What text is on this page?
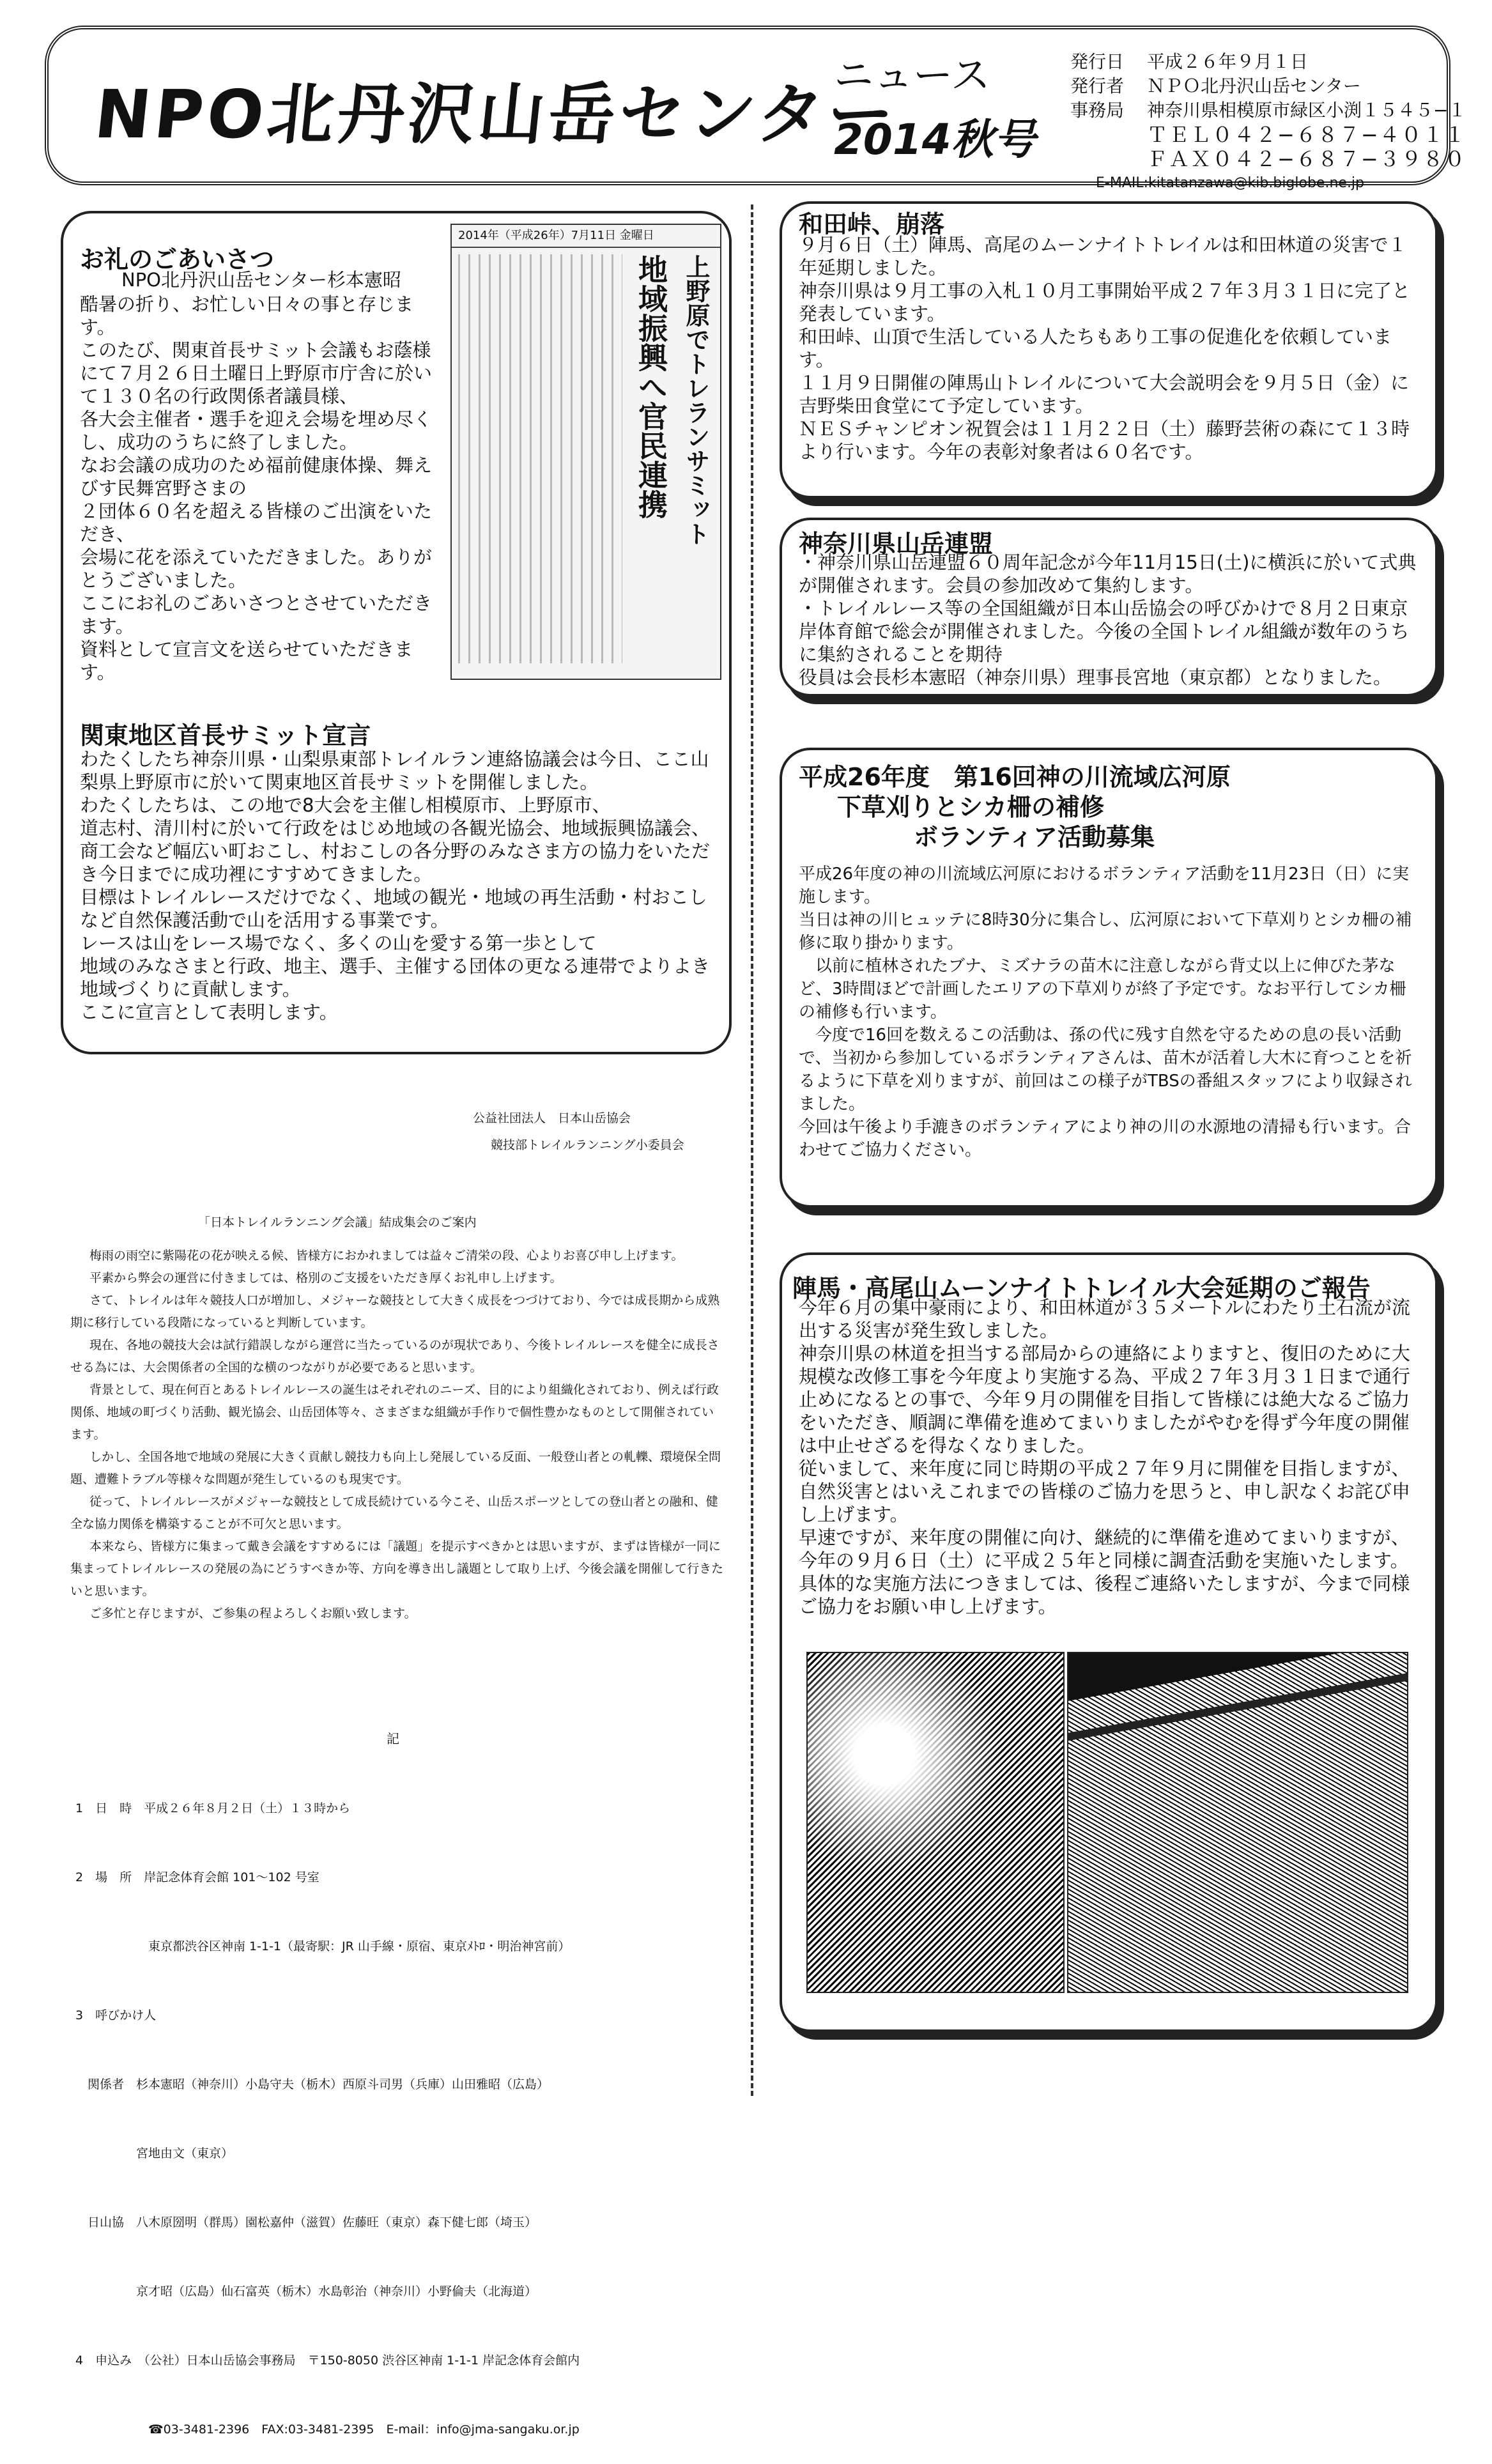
NPO北丹沢山岳センター
ニュース
2014秋号
発行日	平成２６年９月１日
発行者	ＮＰＯ北丹沢山岳センター
事務局	神奈川県相模原市緑区小渕１５４５−１
ＴＥＬ０４２−６８７−４０１１
ＦＡＸ０４２−６８７−３９８０
E-MAIL:kitatanzawa@kib.biglobe.ne.jp
お礼のごあいさつ
NPO北丹沢山岳センター杉本憲昭
酷暑の折り、お忙しい日々の事と存じます。
このたび、関東首長サミット会議もお蔭様にて７月２６日土曜日上野原市庁舎に於いて１３０名の行政関係者議員様、
各大会主催者・選手を迎え会場を埋め尽くし、成功のうちに終了しました。
なお会議の成功のため福前健康体操、舞えびす民舞宮野さまの
２団体６０名を超える皆様のご出演をいただき、
会場に花を添えていただきました。ありがとうございました。
ここにお礼のごあいさつとさせていただきます。
資料として宣言文を送らせていただきます。
2014年（平成26年）7月11日 金曜日
上野原でトレランサミット
地域振興へ官民連携
関東地区首長サミット宣言
わたくしたち神奈川県・山梨県東部トレイルラン連絡協議会は今日、ここ山梨県上野原市に於いて関東地区首長サミットを開催しました。
わたくしたちは、この地で8大会を主催し相模原市、上野原市、
道志村、清川村に於いて行政をはじめ地域の各観光協会、地域振興協議会、商工会など幅広い町おこし、村おこしの各分野のみなさま方の協力をいただき今日までに成功裡にすすめてきました。
目標はトレイルレースだけでなく、地域の観光・地域の再生活動・村おこしなど自然保護活動で山を活用する事業です。
レースは山をレース場でなく、多くの山を愛する第一歩として
地域のみなさまと行政、地主、選手、主催する団体の更なる連帯でよりよき地域づくりに貢献します。
ここに宣言として表明します。
公益社団法人　日本山岳協会
競技部トレイルランニング小委員会
「日本トレイルランニング会議」結成集会のご案内
梅雨の雨空に紫陽花の花が映える候、皆様方におかれましては益々ご清栄の段、心よりお喜び申し上げます。
平素から弊会の運営に付きましては、格別のご支援をいただき厚くお礼申し上げます。
さて、トレイルは年々競技人口が増加し、メジャーな競技として大きく成長をつづけており、今では成長期から成熟期に移行している段階になっていると判断しています。
現在、各地の競技大会は試行錯誤しながら運営に当たっているのが現状であり、今後トレイルレースを健全に成長させる為には、大会関係者の全国的な横のつながりが必要であると思います。
背景として、現在何百とあるトレイルレースの誕生はそれぞれのニーズ、目的により組織化されており、例えば行政関係、地域の町づくり活動、観光協会、山岳団体等々、さまざまな組織が手作りで個性豊かなものとして開催されています。
しかし、全国各地で地域の発展に大きく貢献し競技力も向上し発展している反面、一般登山者との軋轢、環境保全問題、遭難トラブル等様々な問題が発生しているのも現実です。
従って、トレイルレースがメジャーな競技として成長続けている今こそ、山岳スポーツとしての登山者との融和、健全な協力関係を構築することが不可欠と思います。
本来なら、皆様方に集まって戴き会議をすすめるには「議題」を提示すべきかとは思いますが、まずは皆様が一同に集まってトレイルレースの発展の為にどうすべきか等、方向を導き出し議題として取り上げ、今後会議を開催して行きたいと思います。
ご多忙と存じますが、ご参集の程よろしくお願い致します。
記

1　日　時　平成２６年８月２日（土）１３時から

2　場　所　岸記念体育会館 101〜102 号室

　　　　　　東京都渋谷区神南 1-1-1（最寄駅：JR 山手線・原宿、東京ﾒﾄﾛ・明治神宮前）

3　呼びかけ人

　関係者　杉本憲昭（神奈川）小島守夫（栃木）西原斗司男（兵庫）山田雅昭（広島）

　　　　　宮地由文（東京）

　日山協　八木原圀明（群馬）園松嘉仲（滋賀）佐藤旺（東京）森下健七郎（埼玉）

　　　　　京才昭（広島）仙石富英（栃木）水島彰治（神奈川）小野倫夫（北海道）

4　申込み　（公社）日本山岳協会事務局　〒150-8050 渋谷区神南 1-1-1 岸記念体育会館内

　　　　　　☎03-3481-2396　FAX:03-3481-2395　E-mail：info@jma-sangaku.or.jp

和田峠、崩落
９月６日（土）陣馬、高尾のムーンナイトトレイルは和田林道の災害で１年延期しました。
神奈川県は９月工事の入札１０月工事開始平成２７年３月３１日に完了と発表しています。
和田峠、山頂で生活している人たちもあり工事の促進化を依頼しています。
１１月９日開催の陣馬山トレイルについて大会説明会を９月５日（金）に吉野柴田食堂にて予定しています。
ＮＥＳチャンピオン祝賀会は１１月２２日（土）藤野芸術の森にて１３時より行います。今年の表彰対象者は６０名です。
神奈川県山岳連盟
・神奈川県山岳連盟６０周年記念が今年11月15日(土)に横浜に於いて式典が開催されます。会員の参加改めて集約します。
・トレイルレース等の全国組織が日本山岳協会の呼びかけで８月２日東京岸体育館で総会が開催されました。今後の全国トレイル組織が数年のうちに集約されることを期待
役員は会長杉本憲昭（神奈川県）理事長宮地（東京都）となりました。
平成26年度　第16回神の川流域広河原
下草刈りとシカ柵の補修
ボランティア活動募集
平成26年度の神の川流域広河原におけるボランティア活動を11月23日（日）に実施します。
当日は神の川ヒュッテに8時30分に集合し、広河原において下草刈りとシカ柵の補修に取り掛かります。
　以前に植林されたブナ、ミズナラの苗木に注意しながら背丈以上に伸びた茅など、3時間ほどで計画したエリアの下草刈りが終了予定です。なお平行してシカ柵の補修も行います。
　今度で16回を数えるこの活動は、孫の代に残す自然を守るための息の長い活動で、当初から参加しているボランティアさんは、苗木が活着し大木に育つことを祈るように下草を刈りますが、前回はこの様子がTBSの番組スタッフにより収録されました。
今回は午後より手漉きのボランティアにより神の川の水源地の清掃も行います。合わせてご協力ください。
陣馬・高尾山ムーンナイトトレイル大会延期のご報告
今年６月の集中豪雨により、和田林道が３５メートルにわたり土石流が流出する災害が発生致しました。
神奈川県の林道を担当する部局からの連絡によりますと、復旧のために大規模な改修工事を今年度より実施する為、平成２７年３月３１日まで通行止めになるとの事で、今年９月の開催を目指して皆様には絶大なるご協力をいただき、順調に準備を進めてまいりましたがやむを得ず今年度の開催は中止せざるを得なくなりました。
従いまして、来年度に同じ時期の平成２７年９月に開催を目指しますが、自然災害とはいえこれまでの皆様のご協力を思うと、申し訳なくお詫び申し上げます。
早速ですが、来年度の開催に向け、継続的に準備を進めてまいりますが、今年の９月６日（土）に平成２５年と同様に調査活動を実施いたします。
具体的な実施方法につきましては、後程ご連絡いたしますが、今まで同様ご協力をお願い申し上げます。
